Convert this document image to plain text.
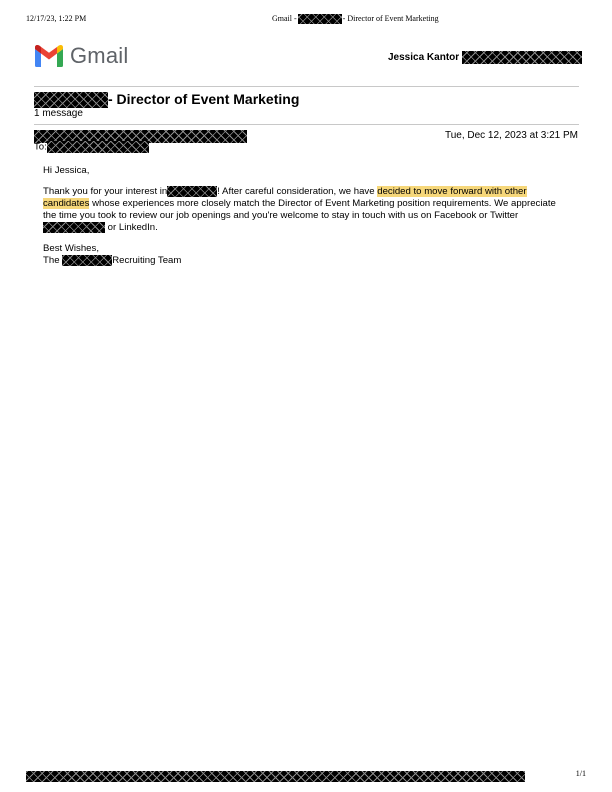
12/17/23, 1:22 PM	Gmail -	- Director of Event Marketing
Gmail	Jessica Kantor
- Director of Event Marketing
1 message
Tue, Dec 12, 2023 at 3:21 PM
To:
Hi Jessica,
Thank you for your interest in	! After careful consideration, we have decided to move forward with other candidates whose experiences more closely match the Director of Event Marketing position requirements. We appreciate the time you took to review our job openings and you're welcome to stay in touch with us on Facebook or Twitter  or LinkedIn.
Best Wishes,
The	Recruiting Team
1/1
